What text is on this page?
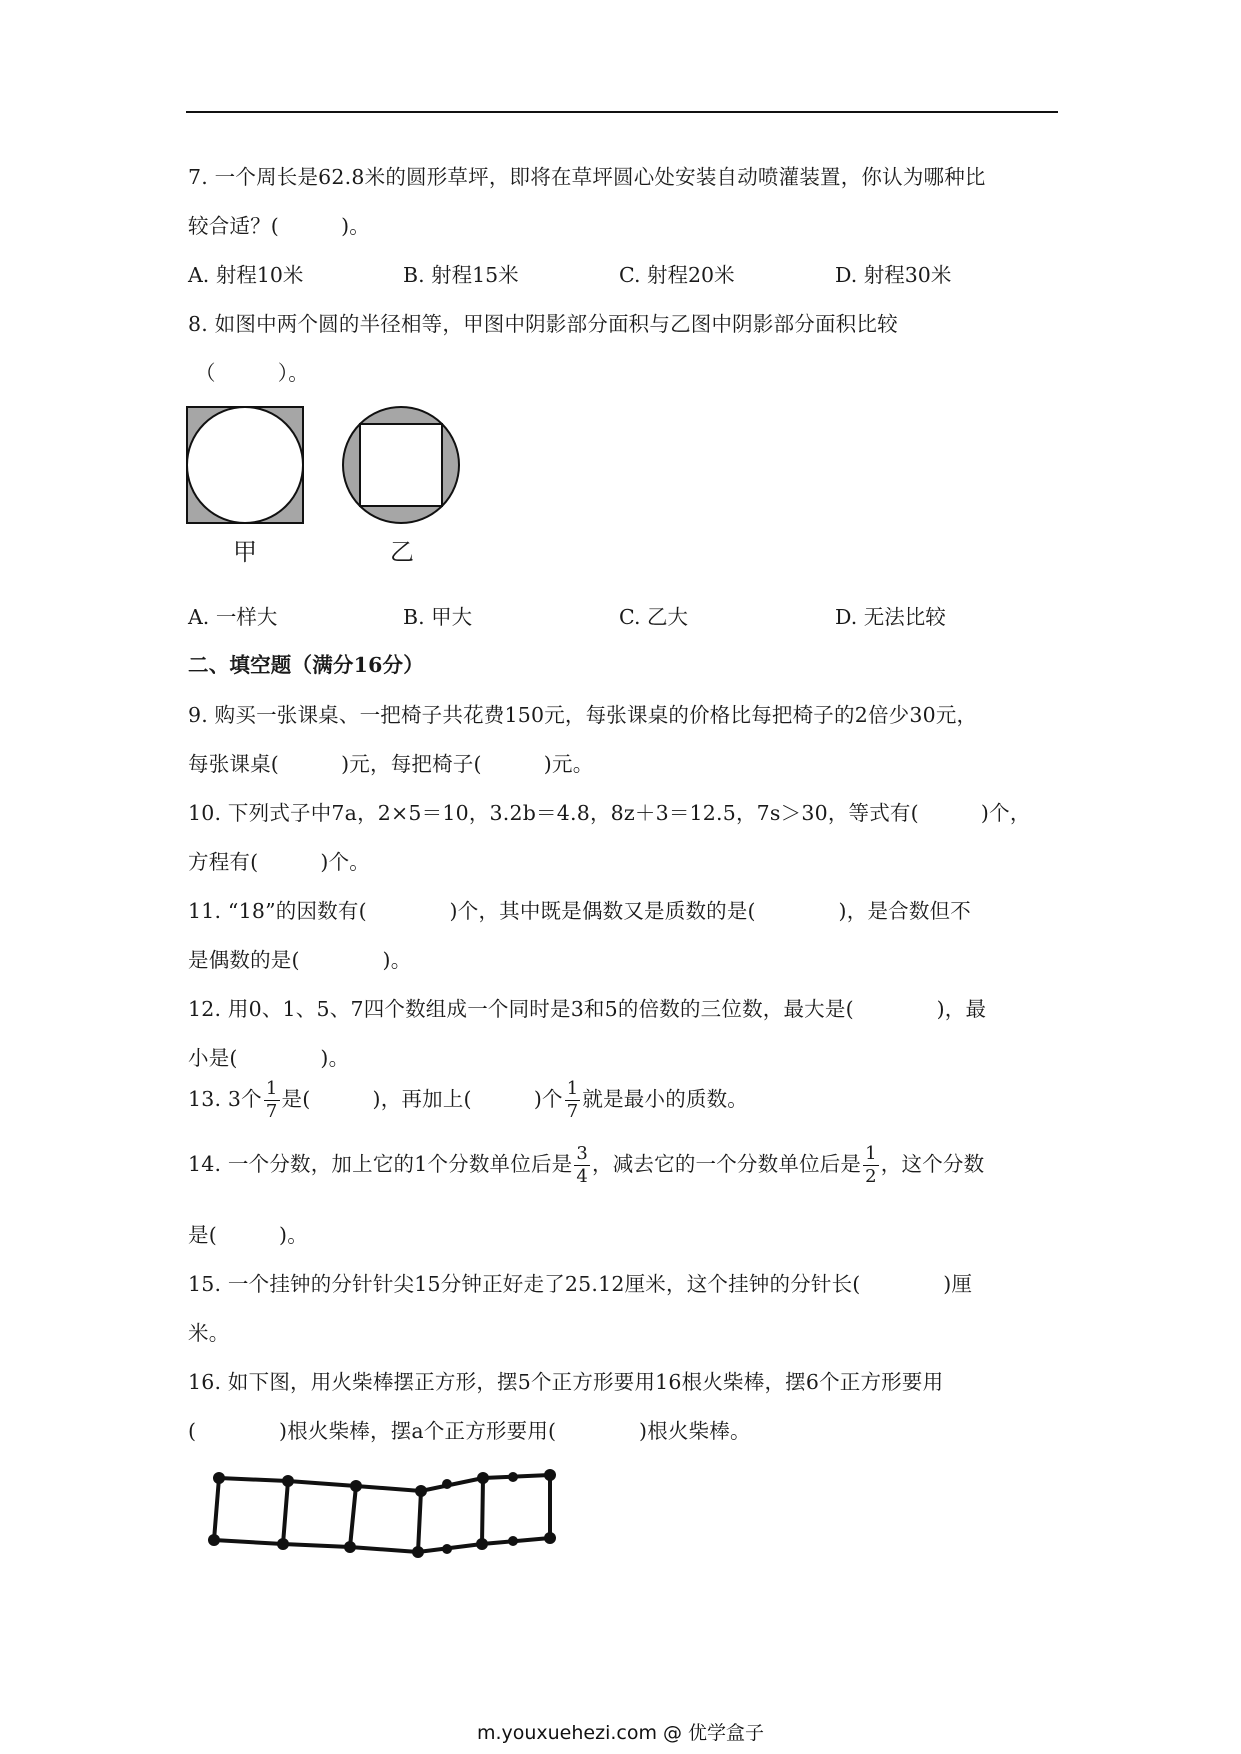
7. 一个周长是62.8米的圆形草坪，即将在草坪圆心处安装自动喷灌装置，你认为哪种比
较合适？(　　　)。
A. 射程10米	B. 射程15米	C. 射程20米	D. 射程30米
8. 如图中两个圆的半径相等，甲图中阴影部分面积与乙图中阴影部分面积比较
（　　　）。
甲	乙
A. 一样大	B. 甲大	C. 乙大	D. 无法比较
二、填空题（满分16分）
9. 购买一张课桌、一把椅子共花费150元，每张课桌的价格比每把椅子的2倍少30元，
每张课桌(　　　)元，每把椅子(　　　)元。
10. 下列式子中7a，2×5＝10，3.2b＝4.8，8z＋3＝12.5，7s＞30，等式有(　　　)个，
方程有(　　　)个。
11. “18”的因数有(　　　　)个，其中既是偶数又是质数的是(　　　　)，是合数但不
是偶数的是(　　　　)。
12. 用0、1、5、7四个数组成一个同时是3和5的倍数的三位数，最大是(　　　　)，最
小是(　　　　)。
13. 3个 $\frac{1}{7}$ 是(　　　)，再加上(　　　)个 $\frac{1}{7}$ 就是最小的质数。
14. 一个分数，加上它的1个分数单位后是 $\frac{3}{4}$ ，减去它的一个分数单位后是 $\frac{1}{2}$ ，这个分数
是(　　　)。
15. 一个挂钟的分针针尖15分钟正好走了25.12厘米，这个挂钟的分针长(　　　　)厘
米。
16. 如下图，用火柴棒摆正方形，摆5个正方形要用16根火柴棒，摆6个正方形要用
(　　　　)根火柴棒，摆a个正方形要用(　　　　)根火柴棒。
m.youxuehezi.com @ 优学盒子
